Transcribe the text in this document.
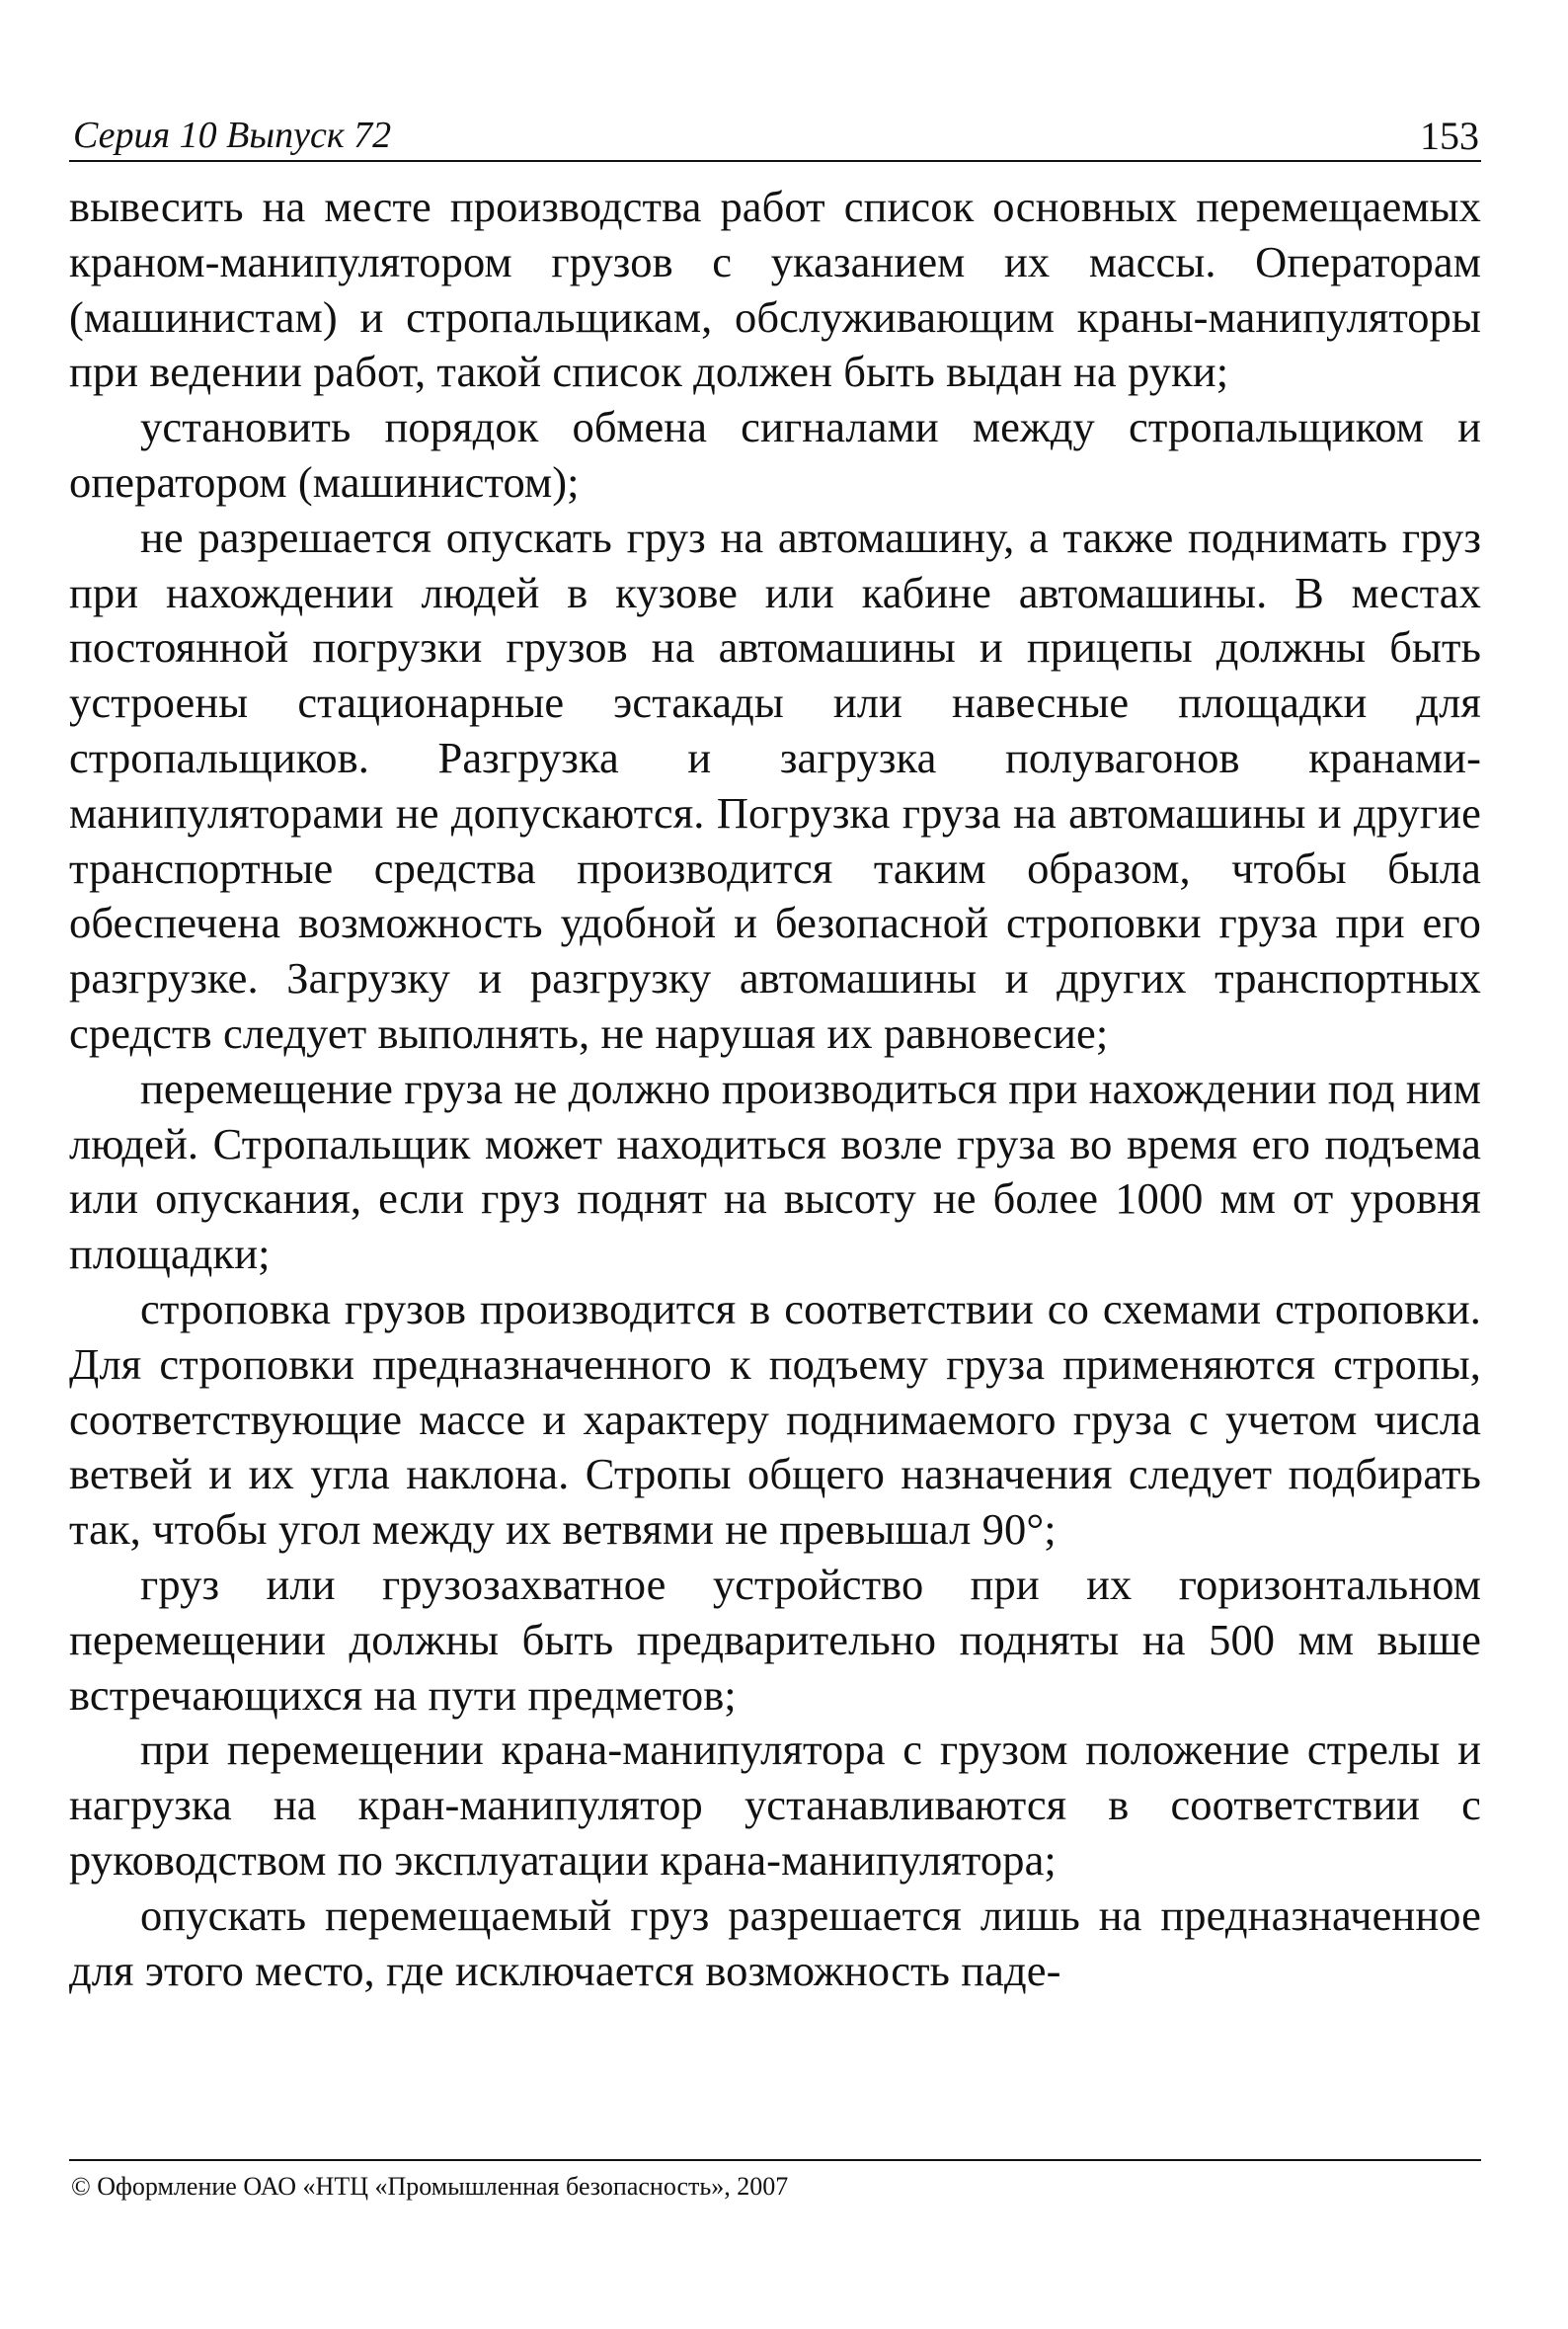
Серия 10 Выпуск 72	153

вывесить на месте производства работ список основных перемещаемых краном-манипулятором грузов с указанием их массы. Операторам (машинистам) и стропальщикам, обслуживающим краны-манипуляторы при ведении работ, такой список должен быть выдан на руки;

установить порядок обмена сигналами между стропальщиком и оператором (машинистом);

не разрешается опускать груз на автомашину, а также поднимать груз при нахождении людей в кузове или кабине автомашины. В местах постоянной погрузки грузов на автомашины и прицепы должны быть устроены стационарные эстакады или навесные площадки для стропальщиков. Разгрузка и загрузка полувагонов кранами-манипуляторами не допускаются. Погрузка груза на автомашины и другие транспортные средства производится таким образом, чтобы была обеспечена возможность удобной и безопасной строповки груза при его разгрузке. Загрузку и разгрузку автомашины и других транспортных средств следует выполнять, не нарушая их равновесие;

перемещение груза не должно производиться при нахождении под ним людей. Стропальщик может находиться возле груза во время его подъема или опускания, если груз поднят на высоту не более 1000 мм от уровня площадки;

строповка грузов производится в соответствии со схемами строповки. Для строповки предназначенного к подъему груза применяются стропы, соответствующие массе и характеру поднимаемого груза с учетом числа ветвей и их угла наклона. Стропы общего назначения следует подбирать так, чтобы угол между их ветвями не превышал 90°;

груз или грузозахватное устройство при их горизонтальном перемещении должны быть предварительно подняты на 500 мм выше встречающихся на пути предметов;

при перемещении крана-манипулятора с грузом положение стрелы и нагрузка на кран-манипулятор устанавливаются в соответствии с руководством по эксплуатации крана-манипулятора;

опускать перемещаемый груз разрешается лишь на предназначенное для этого место, где исключается возможность паде-

© Оформление ОАО «НТЦ «Промышленная безопасность», 2007
